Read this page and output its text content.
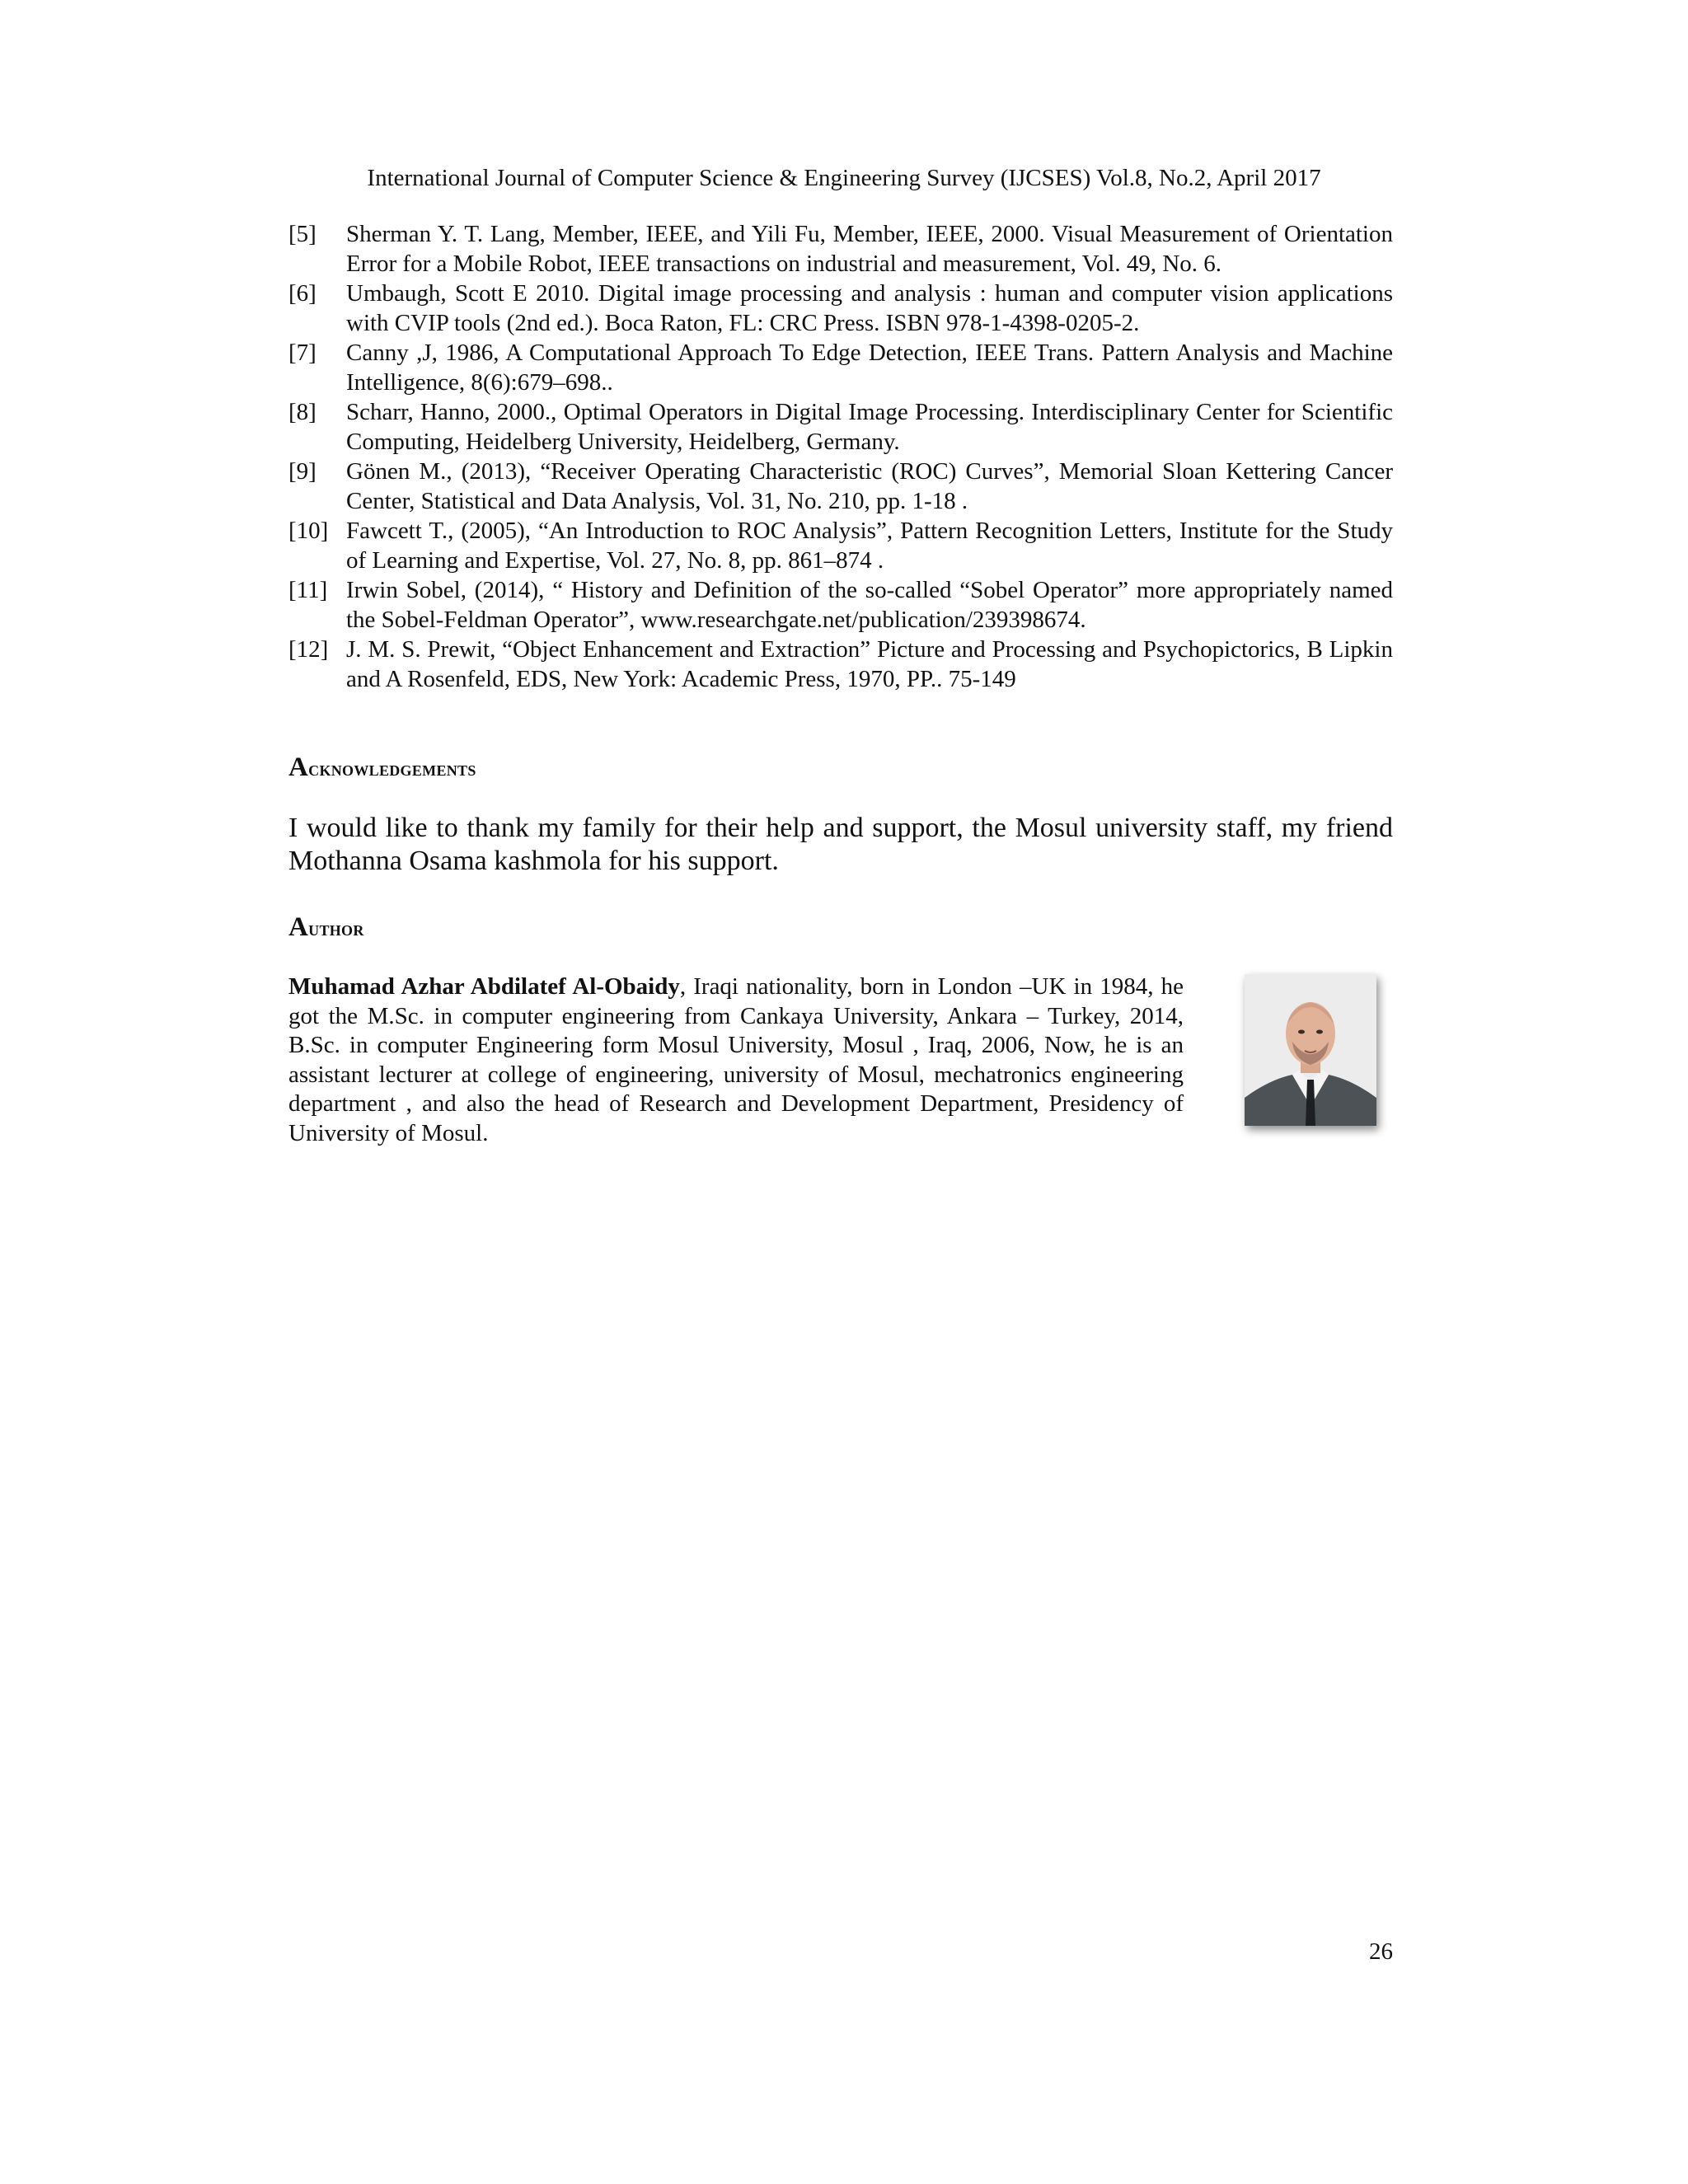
International Journal of Computer Science & Engineering Survey (IJCSES) Vol.8, No.2, April 2017

[5] Sherman Y. T. Lang, Member, IEEE, and Yili Fu, Member, IEEE, 2000. Visual Measurement of Orientation Error for a Mobile Robot, IEEE transactions on industrial and measurement, Vol. 49, No. 6.

[6] Umbaugh, Scott E 2010. Digital image processing and analysis : human and computer vision applications with CVIP tools (2nd ed.). Boca Raton, FL: CRC Press. ISBN 978-1-4398-0205-2.

[7] Canny ,J, 1986, A Computational Approach To Edge Detection, IEEE Trans. Pattern Analysis and Machine Intelligence, 8(6):679–698..

[8] Scharr, Hanno, 2000., Optimal Operators in Digital Image Processing. Interdisciplinary Center for Scientific Computing, Heidelberg University, Heidelberg, Germany.

[9] Gönen M., (2013), “Receiver Operating Characteristic (ROC) Curves”, Memorial Sloan Kettering Cancer Center, Statistical and Data Analysis, Vol. 31, No. 210, pp. 1-18 .

[10] Fawcett T., (2005), “An Introduction to ROC Analysis”, Pattern Recognition Letters, Institute for the Study of Learning and Expertise, Vol. 27, No. 8, pp. 861–874 .

[11] Irwin Sobel, (2014), “ History and Definition of the so-called “Sobel Operator” more appropriately named the Sobel-Feldman Operator”, www.researchgate.net/publication/239398674.

[12] J. M. S. Prewit, “Object Enhancement and Extraction” Picture and Processing and Psychopictorics, B Lipkin and A Rosenfeld, EDS, New York: Academic Press, 1970, PP.. 75-149

Acknowledgements
I would like to thank my family for their help and support, the Mosul university staff, my friend Mothanna Osama kashmola for his support.
Author
Muhamad Azhar Abdilatef Al-Obaidy, Iraqi nationality, born in London –UK in 1984, he got the M.Sc. in computer engineering from Cankaya University, Ankara – Turkey, 2014, B.Sc. in computer Engineering form Mosul University, Mosul , Iraq, 2006, Now, he is an assistant lecturer at college of engineering, university of Mosul, mechatronics engineering department , and also the head of Research and Development Department, Presidency of University of Mosul.
26
